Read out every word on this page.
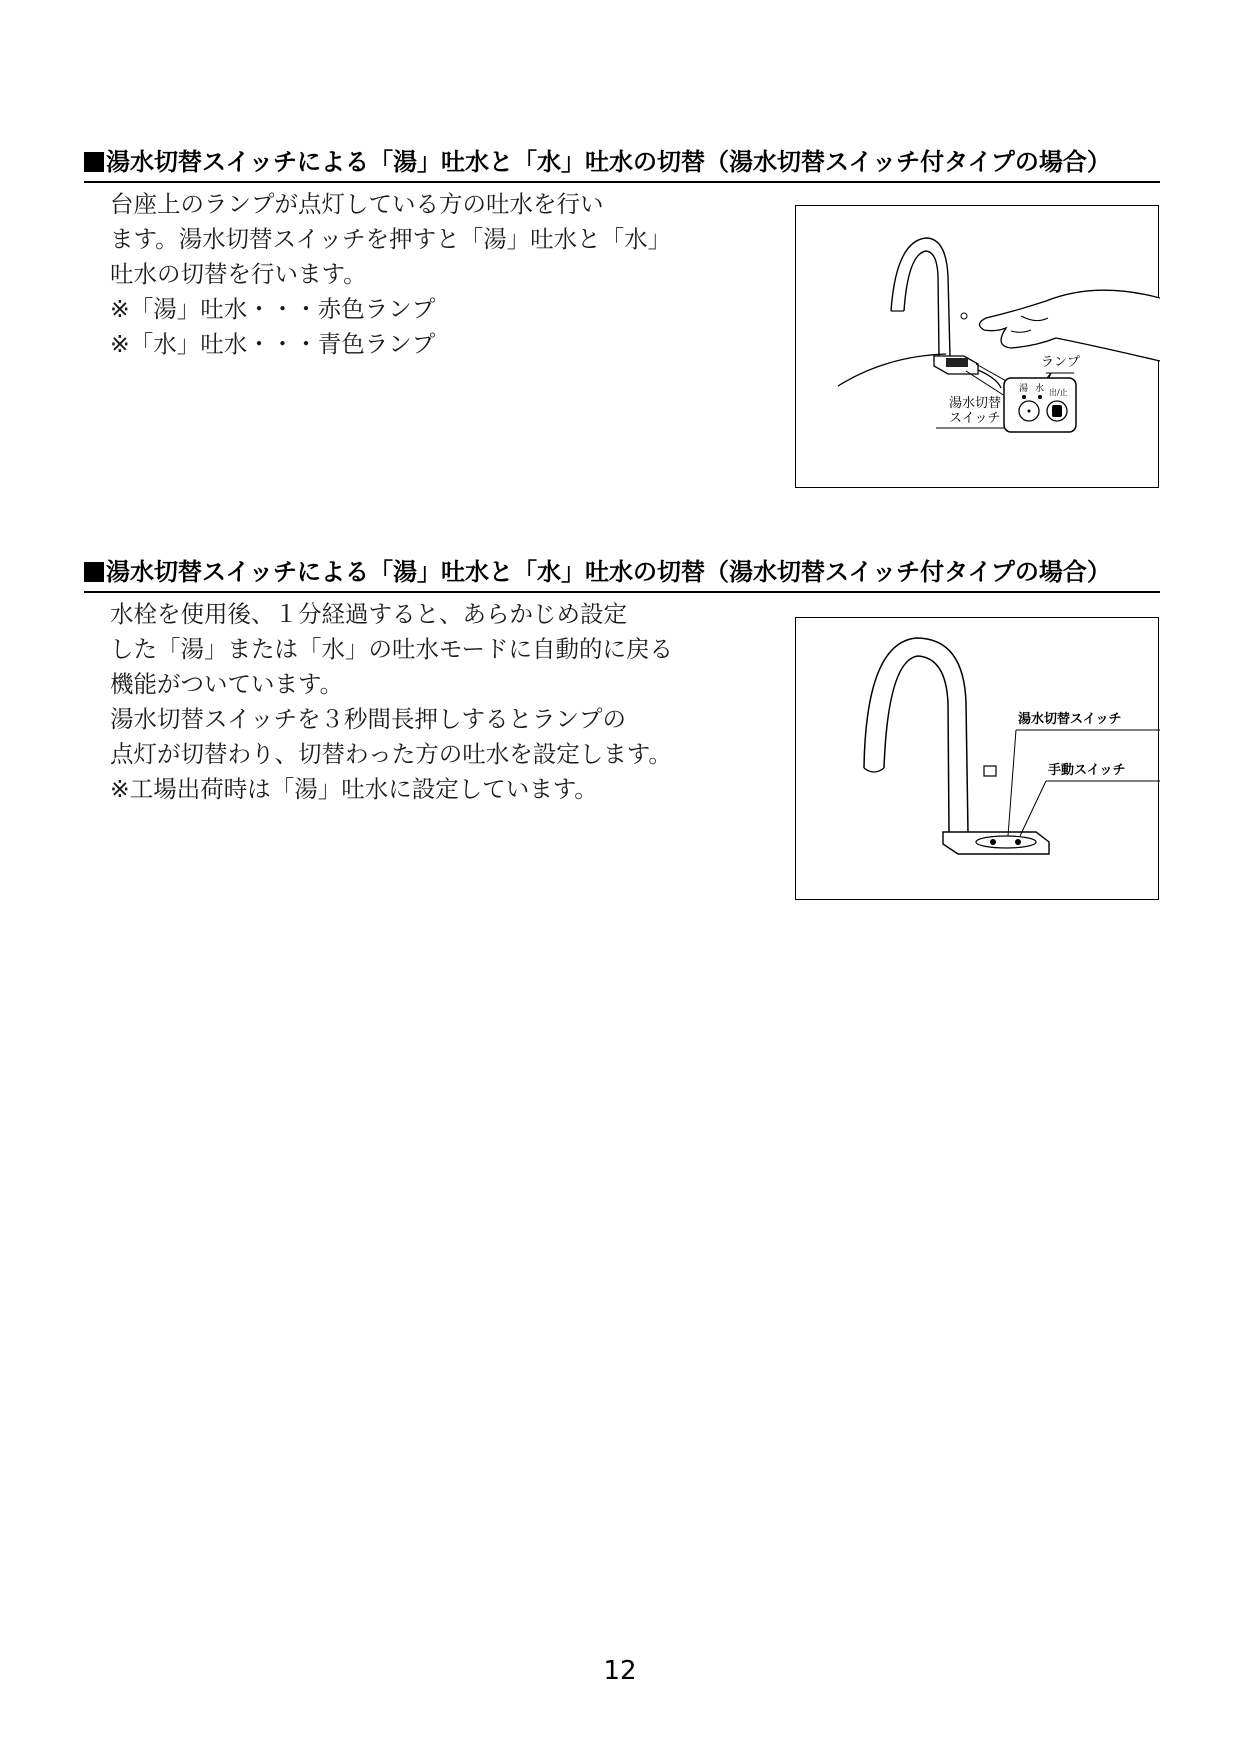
湯水切替スイッチによる「湯」吐水と「水」吐水の切替（湯水切替スイッチ付タイプの場合）
台座上のランプが点灯している方の吐水を行い
ます。湯水切替スイッチを押すと「湯」吐水と「水」
吐水の切替を行います。
※「湯」吐水・・・赤色ランプ
※「水」吐水・・・青色ランプ
ランプ
湯水切替
スイッチ
湯 水 出/止
湯水切替スイッチによる「湯」吐水と「水」吐水の切替（湯水切替スイッチ付タイプの場合）
水栓を使用後、１分経過すると、あらかじめ設定
した「湯」または「水」の吐水モードに自動的に戻る
機能がついています。
湯水切替スイッチを３秒間長押しするとランプの
点灯が切替わり、切替わった方の吐水を設定します。
※工場出荷時は「湯」吐水に設定しています。
湯水切替スイッチ
手動スイッチ
12
